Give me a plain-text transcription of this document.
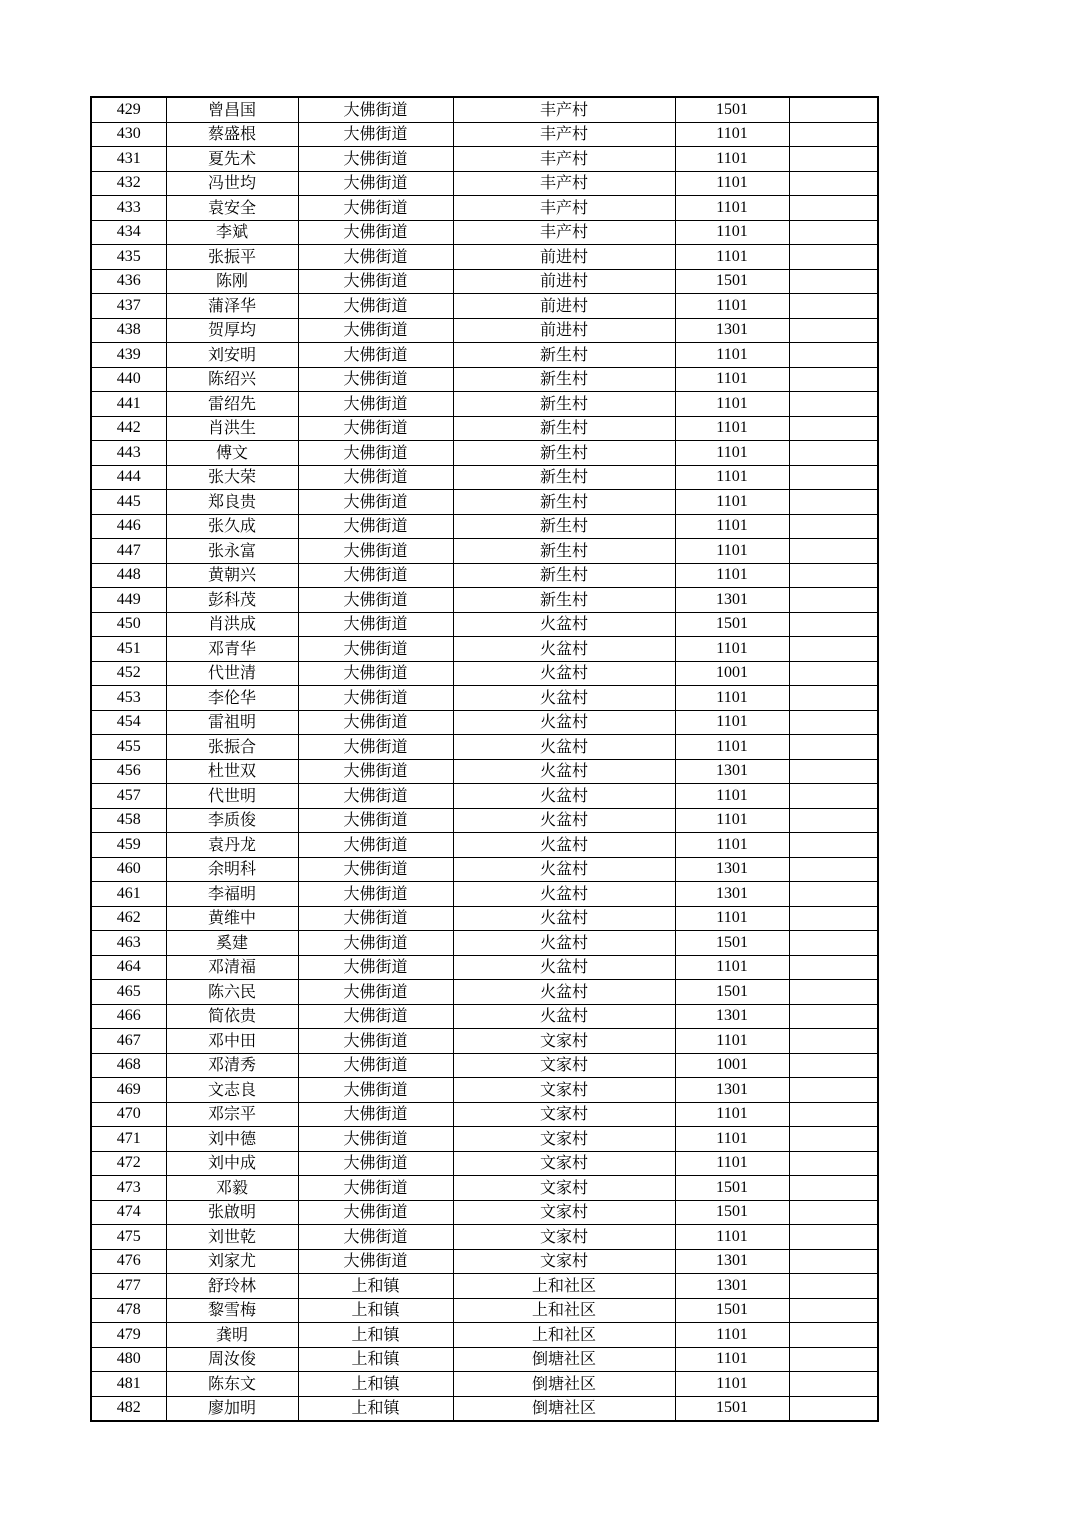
429	曾昌国	大佛街道	丰产村	1501	
430	蔡盛根	大佛街道	丰产村	1101	
431	夏先术	大佛街道	丰产村	1101	
432	冯世均	大佛街道	丰产村	1101	
433	袁安全	大佛街道	丰产村	1101	
434	李斌	大佛街道	丰产村	1101	
435	张振平	大佛街道	前进村	1101	
436	陈刚	大佛街道	前进村	1501	
437	蒲泽华	大佛街道	前进村	1101	
438	贺厚均	大佛街道	前进村	1301	
439	刘安明	大佛街道	新生村	1101	
440	陈绍兴	大佛街道	新生村	1101	
441	雷绍先	大佛街道	新生村	1101	
442	肖洪生	大佛街道	新生村	1101	
443	傅文	大佛街道	新生村	1101	
444	张大荣	大佛街道	新生村	1101	
445	郑良贵	大佛街道	新生村	1101	
446	张久成	大佛街道	新生村	1101	
447	张永富	大佛街道	新生村	1101	
448	黄朝兴	大佛街道	新生村	1101	
449	彭科茂	大佛街道	新生村	1301	
450	肖洪成	大佛街道	火盆村	1501	
451	邓青华	大佛街道	火盆村	1101	
452	代世清	大佛街道	火盆村	1001	
453	李伦华	大佛街道	火盆村	1101	
454	雷祖明	大佛街道	火盆村	1101	
455	张振合	大佛街道	火盆村	1101	
456	杜世双	大佛街道	火盆村	1301	
457	代世明	大佛街道	火盆村	1101	
458	李质俊	大佛街道	火盆村	1101	
459	袁丹龙	大佛街道	火盆村	1101	
460	余明科	大佛街道	火盆村	1301	
461	李福明	大佛街道	火盆村	1301	
462	黄维中	大佛街道	火盆村	1101	
463	奚建	大佛街道	火盆村	1501	
464	邓清福	大佛街道	火盆村	1101	
465	陈六民	大佛街道	火盆村	1501	
466	简依贵	大佛街道	火盆村	1301	
467	邓中田	大佛街道	文家村	1101	
468	邓清秀	大佛街道	文家村	1001	
469	文志良	大佛街道	文家村	1301	
470	邓宗平	大佛街道	文家村	1101	
471	刘中德	大佛街道	文家村	1101	
472	刘中成	大佛街道	文家村	1101	
473	邓毅	大佛街道	文家村	1501	
474	张啟明	大佛街道	文家村	1501	
475	刘世乾	大佛街道	文家村	1101	
476	刘家尤	大佛街道	文家村	1301	
477	舒玲林	上和镇	上和社区	1301	
478	黎雪梅	上和镇	上和社区	1501	
479	龚明	上和镇	上和社区	1101	
480	周汝俊	上和镇	倒塘社区	1101	
481	陈东文	上和镇	倒塘社区	1101	
482	廖加明	上和镇	倒塘社区	1501	
